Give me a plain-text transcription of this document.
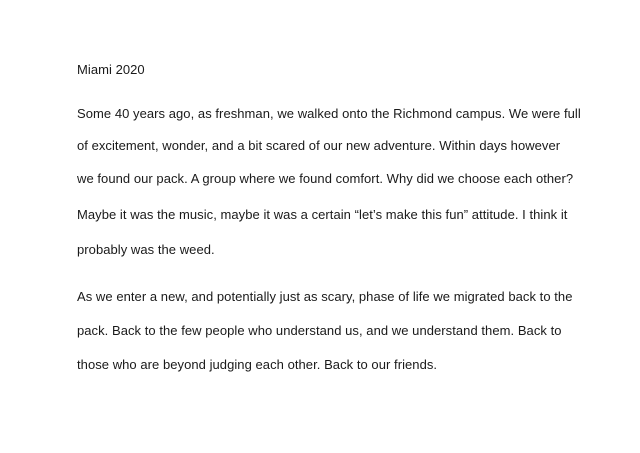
Miami 2020

Some 40 years ago, as freshman, we walked onto the Richmond campus. We were full

of excitement, wonder, and a bit scared of our new adventure. Within days however

we found our pack. A group where we found comfort. Why did we choose each other?

Maybe it was the music, maybe it was a certain “let’s make this fun” attitude. I think it

probably was the weed.

As we enter a new, and potentially just as scary, phase of life we migrated back to the

pack. Back to the few people who understand us, and we understand them. Back to

those who are beyond judging each other. Back to our friends.
